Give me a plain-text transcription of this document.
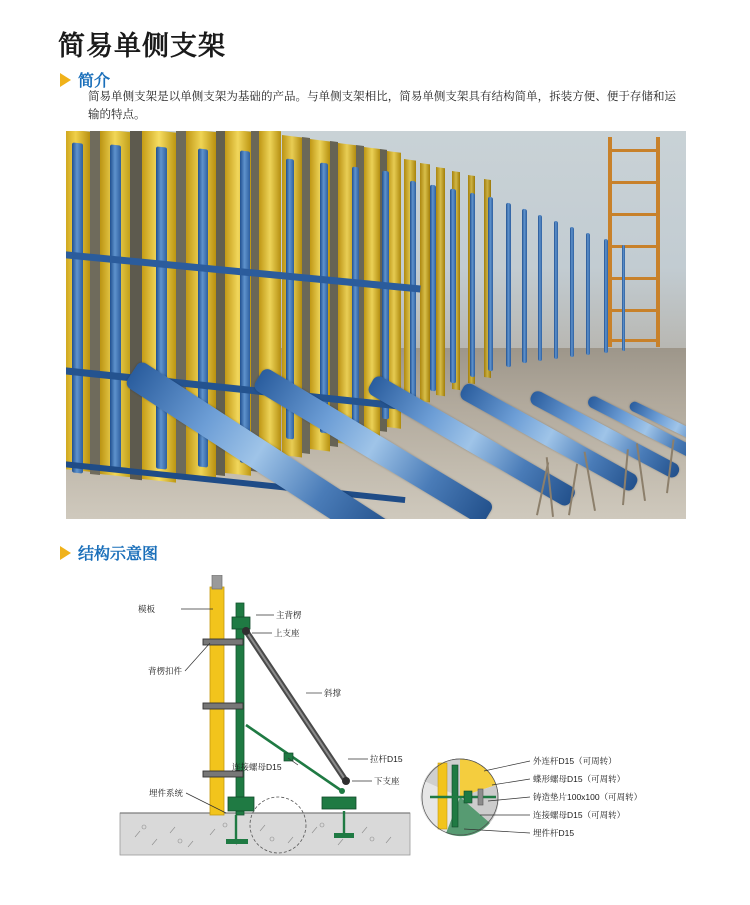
简易单侧支架
简介
简易单侧支架是以单侧支架为基础的产品。与单侧支架相比，简易单侧支架具有结构简单，拆装方便、便于存储和运输的特点。
结构示意图
模板
主背楞
上支座
背楞扣件
斜撑
拉杆D15
连接螺母D15
下支座
埋件系统
外连杆D15（可周转）
蝶形螺母D15（可周转）
铸造垫片100x100（可周转）
连接螺母D15（可周转）
埋件杆D15
